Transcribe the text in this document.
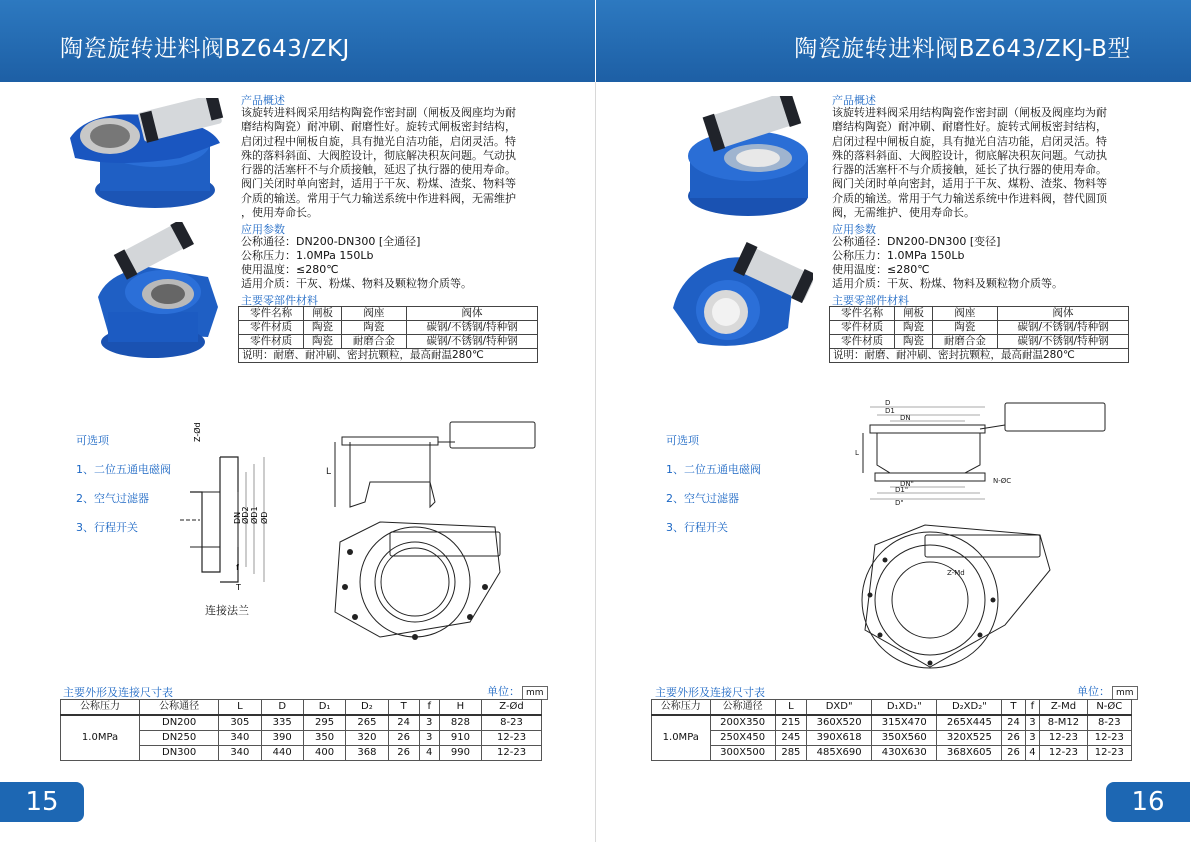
陶瓷旋转进料阀BZ643/ZKJ	陶瓷旋转进料阀BZ643/ZKJ-B型
产品概述
该旋转进料阀采用结构陶瓷作密封副（闸板及阀座均为耐
磨结构陶瓷）耐冲刷、耐磨性好。旋转式闸板密封结构，
启闭过程中闸板自旋，具有抛光自洁功能，启闭灵活。特
殊的落料斜面、大阀腔设计，彻底解决积灰问题。气动执
行器的活塞杆不与介质接触，延迟了执行器的使用寿命。
阀门关闭时单向密封，适用于干灰、粉煤、渣浆、物料等
介质的输送。常用于气力输送系统中作进料阀，无需维护
，使用寿命长。
应用参数
公称通径：DN200-DN300 [全通径]
公称压力：1.0MPa 150Lb
使用温度：≤280℃
适用介质：干灰、粉煤、物料及颗粒物介质等。
主要零部件材料
零件名称	闸板	阀座	阀体
零件材质	陶瓷	陶瓷	碳钢/不锈钢/特种钢
零件材质	陶瓷	耐磨合金	碳钢/不锈钢/特种钢
说明：耐磨、耐冲刷、密封抗颗粒，最高耐温280℃			
可选项
1、二位五通电磁阀
2、空气过滤器
3、行程开关
Z-Ød
DN ØD2 ØD1 ØD
f
T
连接法兰
L
主要外形及连接尺寸表	单位： mm
公称压力	公称通径	L	D	D₁	D₂	T	f	H	Z-Ød
1.0MPa	DN200	305	335	295	265	24	3	828	8-23
	DN250	340	390	350	320	26	3	910	12-23
	DN300	340	440	400	368	26	4	990	12-23
15
产品概述
该旋转进料阀采用结构陶瓷作密封副（闸板及阀座均为耐
磨结构陶瓷）耐冲刷、耐磨性好。旋转式闸板密封结构，
启闭过程中闸板自旋，具有抛光自洁功能，启闭灵活。特
殊的落料斜面、大阀腔设计，彻底解决积灰问题。气动执
行器的活塞杆不与介质接触，延长了执行器的使用寿命。
阀门关闭时单向密封，适用于干灰、煤粉、渣浆、物料等
介质的输送。常用于气力输送系统中作进料阀，替代圆顶
阀，无需维护、使用寿命长。
应用参数
公称通径：DN200-DN300 [变径]
公称压力：1.0MPa 150Lb
使用温度：≤280℃
适用介质：干灰、粉煤、物料及颗粒物介质等。
主要零部件材料
零件名称	闸板	阀座	阀体
零件材质	陶瓷	陶瓷	碳钢/不锈钢/特种钢
零件材质	陶瓷	耐磨合金	碳钢/不锈钢/特种钢
说明：耐磨、耐冲刷、密封抗颗粒，最高耐温280℃			
可选项
1、二位五通电磁阀
2、空气过滤器
3、行程开关
L
D
D1
DN
DN"
D1"
D"
N-ØC
Z-Md
主要外形及连接尺寸表	单位： mm
公称压力	公称通径	L	DXD"	D₁XD₁"	D₂XD₂"	T	f	Z-Md	N-ØC
1.0MPa	200X350	215	360X520	315X470	265X445	24	3	8-M12	8-23
	250X450	245	390X618	350X560	320X525	26	3	12-23	12-23
	300X500	285	485X690	430X630	368X605	26	4	12-23	12-23
16
